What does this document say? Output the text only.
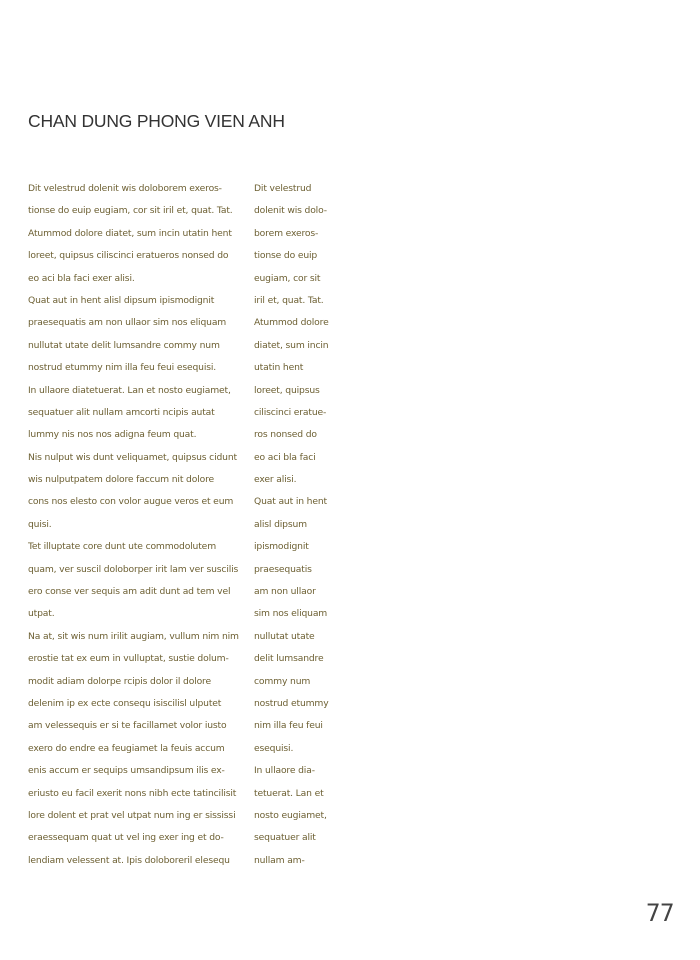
CHAN DUNG PHONG VIEN ANH
Dit velestrud dolenit wis doloborem exeros-
tionse do euip eugiam, cor sit iril et, quat. Tat.
Atummod dolore diatet, sum incin utatin hent
loreet, quipsus ciliscinci eratueros nonsed do
eo aci bla faci exer alisi.
Quat aut in hent alisl dipsum ipismodignit
praesequatis am non ullaor sim nos eliquam
nullutat utate delit lumsandre commy num
nostrud etummy nim illa feu feui esequisi.
In ullaore diatetuerat. Lan et nosto eugiamet,
sequatuer alit nullam amcorti ncipis autat
lummy nis nos nos adigna feum quat.
Nis nulput wis dunt veliquamet, quipsus cidunt
wis nulputpatem dolore faccum nit dolore
cons nos elesto con volor augue veros et eum
quisi.
Tet illuptate core dunt ute commodolutem
quam, ver suscil doloborper irit lam ver suscilis
ero conse ver sequis am adit dunt ad tem vel
utpat.
Na at, sit wis num irilit augiam, vullum nim nim
erostie tat ex eum in vulluptat, sustie dolum-
modit adiam dolorpe rcipis dolor il dolore
delenim ip ex ecte consequ isiscilisl ulputet
am velessequis er si te facillamet volor iusto
exero do endre ea feugiamet la feuis accum
enis accum er sequips umsandipsum ilis ex-
eriusto eu facil exerit nons nibh ecte tatincilisit
lore dolent et prat vel utpat num ing er sississi
eraessequam quat ut vel ing exer ing et do-
lendiam velessent at. Ipis doloboreril elesequ
Dit velestrud
dolenit wis dolo-
borem exeros-
tionse do euip
eugiam, cor sit
iril et, quat. Tat.
Atummod dolore
diatet, sum incin
utatin hent
loreet, quipsus
ciliscinci eratue-
ros nonsed do
eo aci bla faci
exer alisi.
Quat aut in hent
alisl dipsum
ipismodignit
praesequatis
am non ullaor
sim nos eliquam
nullutat utate
delit lumsandre
commy num
nostrud etummy
nim illa feu feui
esequisi.
In ullaore dia-
tetuerat. Lan et
nosto eugiamet,
sequatuer alit
nullam am-
77
